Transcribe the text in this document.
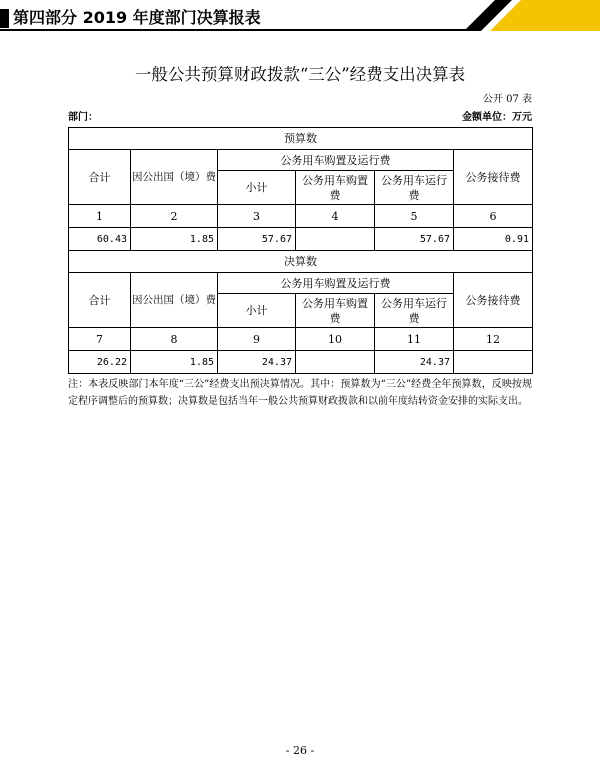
第四部分 2019 年度部门决算报表
一般公共预算财政拨款“三公”经费支出决算表
公开 07 表
部门：	金额单位：万元
预算数					
合计	因公出国（境）费	公务用车购置及运行费			公务接待费
		小计	公务用车购置费	公务用车运行费	
1	2	3	4	5	6
60.43	1.85	57.67		57.67	0.91
决算数					
合计	因公出国（境）费	公务用车购置及运行费			公务接待费
		小计	公务用车购置费	公务用车运行费	
7	8	9	10	11	12
26.22	1.85	24.37		24.37	
注：本表反映部门本年度“三公”经费支出预决算情况。其中：预算数为“三公”经费全年预算数，反映按规定程序调整后的预算数；决算数是包括当年一般公共预算财政拨款和以前年度结转资金安排的实际支出。
- 26 -
